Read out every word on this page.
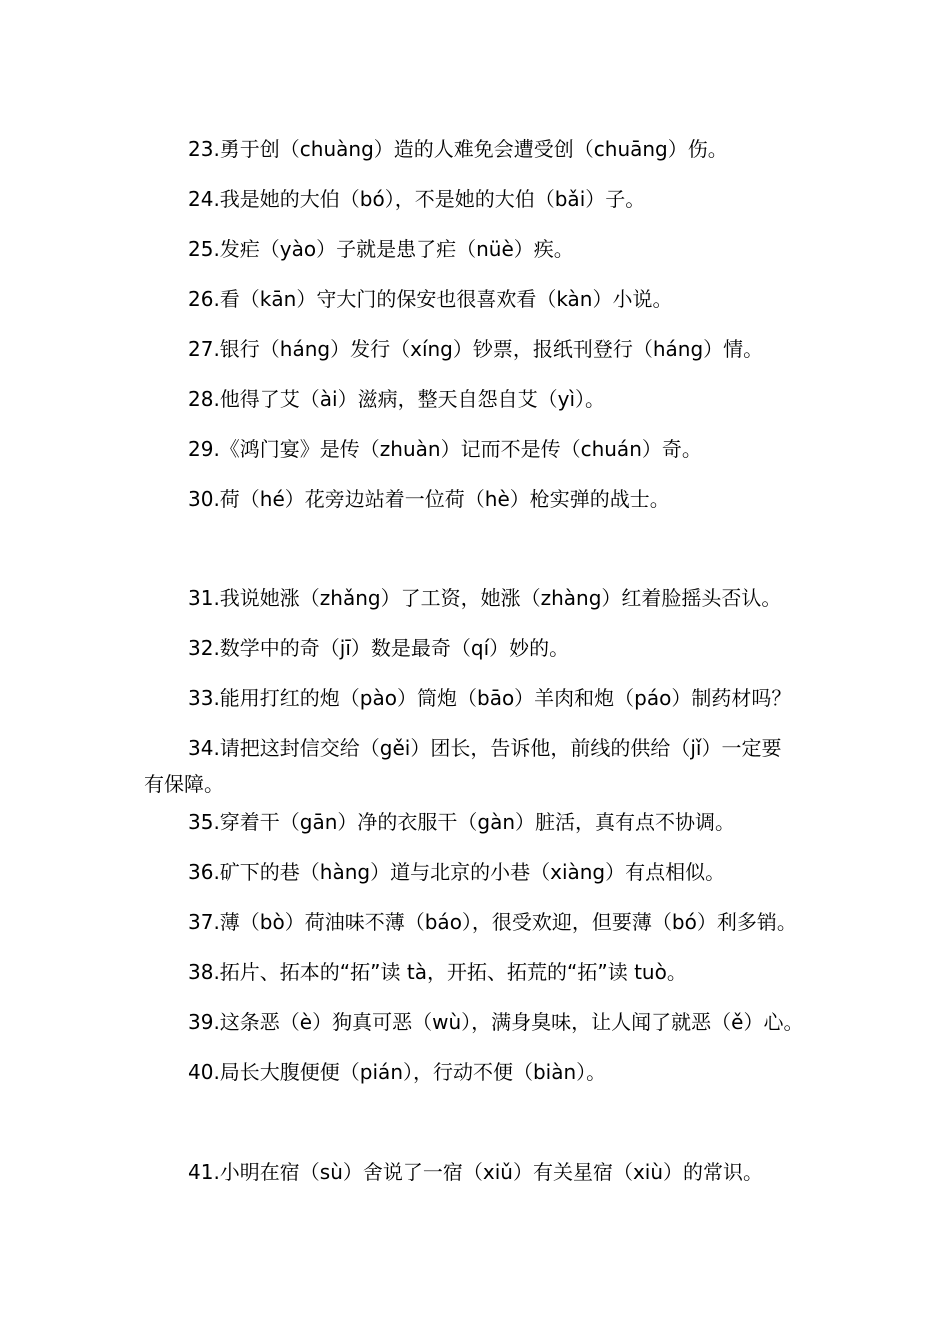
23.勇于创（chuàng）造的人难免会遭受创（chuāng）伤。
24.我是她的大伯（bó），不是她的大伯（bǎi）子。
25.发疟（yào）子就是患了疟（nüè）疾。
26.看（kān）守大门的保安也很喜欢看（kàn）小说。
27.银行（háng）发行（xíng）钞票，报纸刊登行（háng）情。
28.他得了艾（ài）滋病，整天自怨自艾（yì）。
29.《鸿门宴》是传（zhuàn）记而不是传（chuán）奇。
30.荷（hé）花旁边站着一位荷（hè）枪实弹的战士。
31.我说她涨（zhǎng）了工资，她涨（zhàng）红着脸摇头否认。
32.数学中的奇（jī）数是最奇（qí）妙的。
33.能用打红的炮（pào）筒炮（bāo）羊肉和炮（páo）制药材吗？
34.请把这封信交给（gěi）团长，告诉他，前线的供给（jǐ）一定要
有保障。
35.穿着干（gān）净的衣服干（gàn）脏活，真有点不协调。
36.矿下的巷（hàng）道与北京的小巷（xiàng）有点相似。
37.薄（bò）荷油味不薄（báo），很受欢迎，但要薄（bó）利多销。
38.拓片、拓本的“拓”读 tà，开拓、拓荒的“拓”读 tuò。
39.这条恶（è）狗真可恶（wù），满身臭味，让人闻了就恶（ě）心。
40.局长大腹便便（pián），行动不便（biàn）。
41.小明在宿（sù）舍说了一宿（xiǔ）有关星宿（xiù）的常识。
